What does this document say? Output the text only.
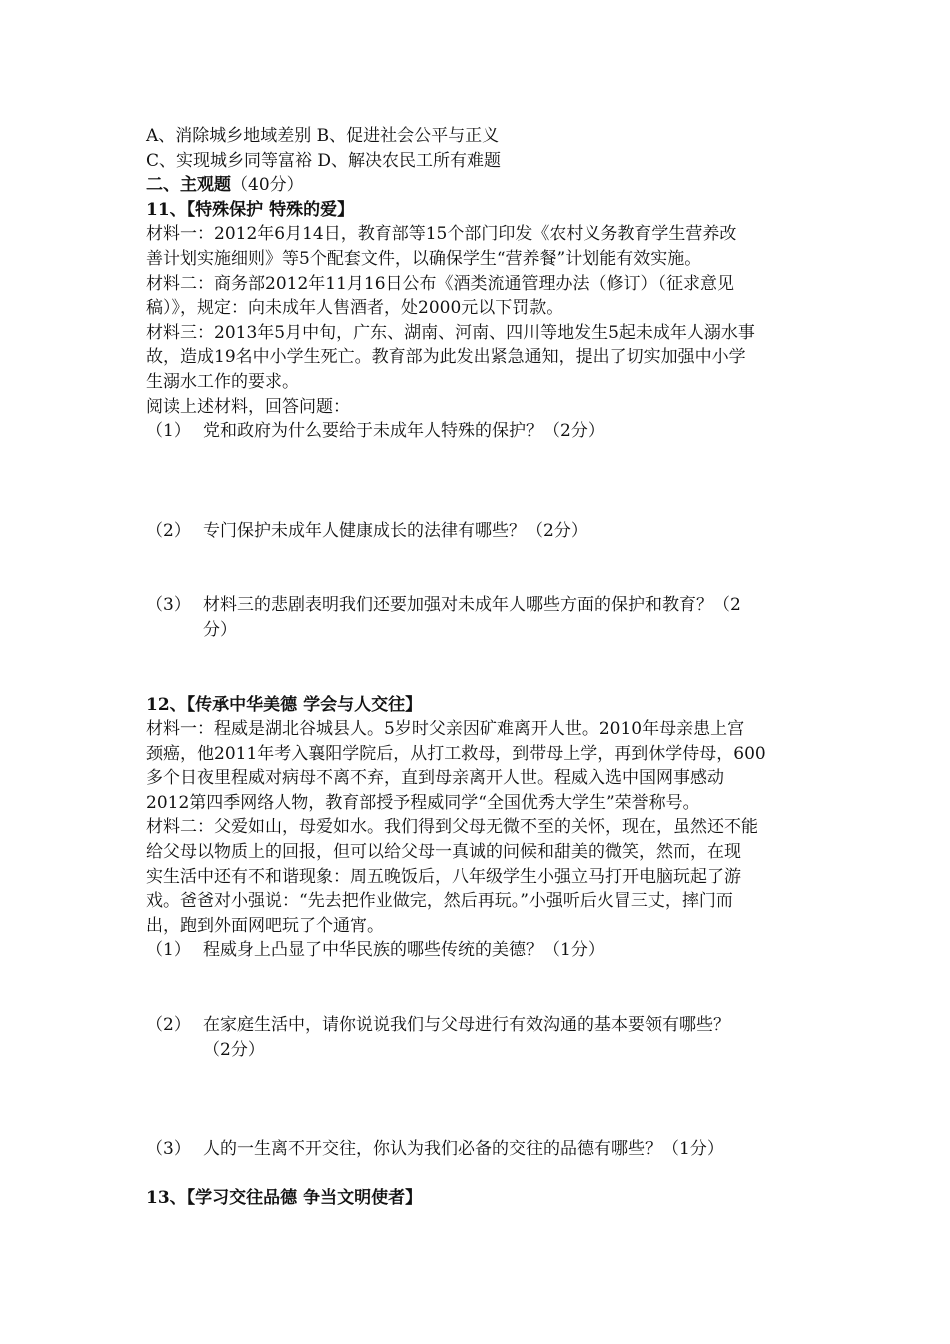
A、消除城乡地域差别 B、促进社会公平与正义
C、实现城乡同等富裕 D、解决农民工所有难题
二、主观题（40分）
11、【特殊保护 特殊的爱】
材料一：2012年6月14日，教育部等15个部门印发《农村义务教育学生营养改
善计划实施细则》等5个配套文件，以确保学生“营养餐”计划能有效实施。
材料二：商务部2012年11月16日公布《酒类流通管理办法（修订）（征求意见
稿）》，规定：向未成年人售酒者，处2000元以下罚款。
材料三：2013年5月中旬，广东、湖南、河南、四川等地发生5起未成年人溺水事
故，造成19名中小学生死亡。教育部为此发出紧急通知，提出了切实加强中小学
生溺水工作的要求。
阅读上述材料，回答问题：
（1） 党和政府为什么要给于未成年人特殊的保护？（2分）
（2） 专门保护未成年人健康成长的法律有哪些？（2分）
（3） 材料三的悲剧表明我们还要加强对未成年人哪些方面的保护和教育？（2
分）
12、【传承中华美德 学会与人交往】
材料一：程威是湖北谷城县人。5岁时父亲因矿难离开人世。2010年母亲患上宫
颈癌，他2011年考入襄阳学院后，从打工救母，到带母上学，再到休学侍母，600
多个日夜里程威对病母不离不弃，直到母亲离开人世。程威入选中国网事感动
2012第四季网络人物，教育部授予程威同学“全国优秀大学生”荣誉称号。
材料二：父爱如山，母爱如水。我们得到父母无微不至的关怀，现在，虽然还不能
给父母以物质上的回报，但可以给父母一真诚的问候和甜美的微笑，然而，在现
实生活中还有不和谐现象：周五晚饭后，八年级学生小强立马打开电脑玩起了游
戏。爸爸对小强说：“先去把作业做完，然后再玩。”小强听后火冒三丈，摔门而
出，跑到外面网吧玩了个通宵。
（1） 程威身上凸显了中华民族的哪些传统的美德？（1分）
（2） 在家庭生活中，请你说说我们与父母进行有效沟通的基本要领有哪些？
（2分）
（3） 人的一生离不开交往，你认为我们必备的交往的品德有哪些？（1分）
13、【学习交往品德 争当文明使者】
